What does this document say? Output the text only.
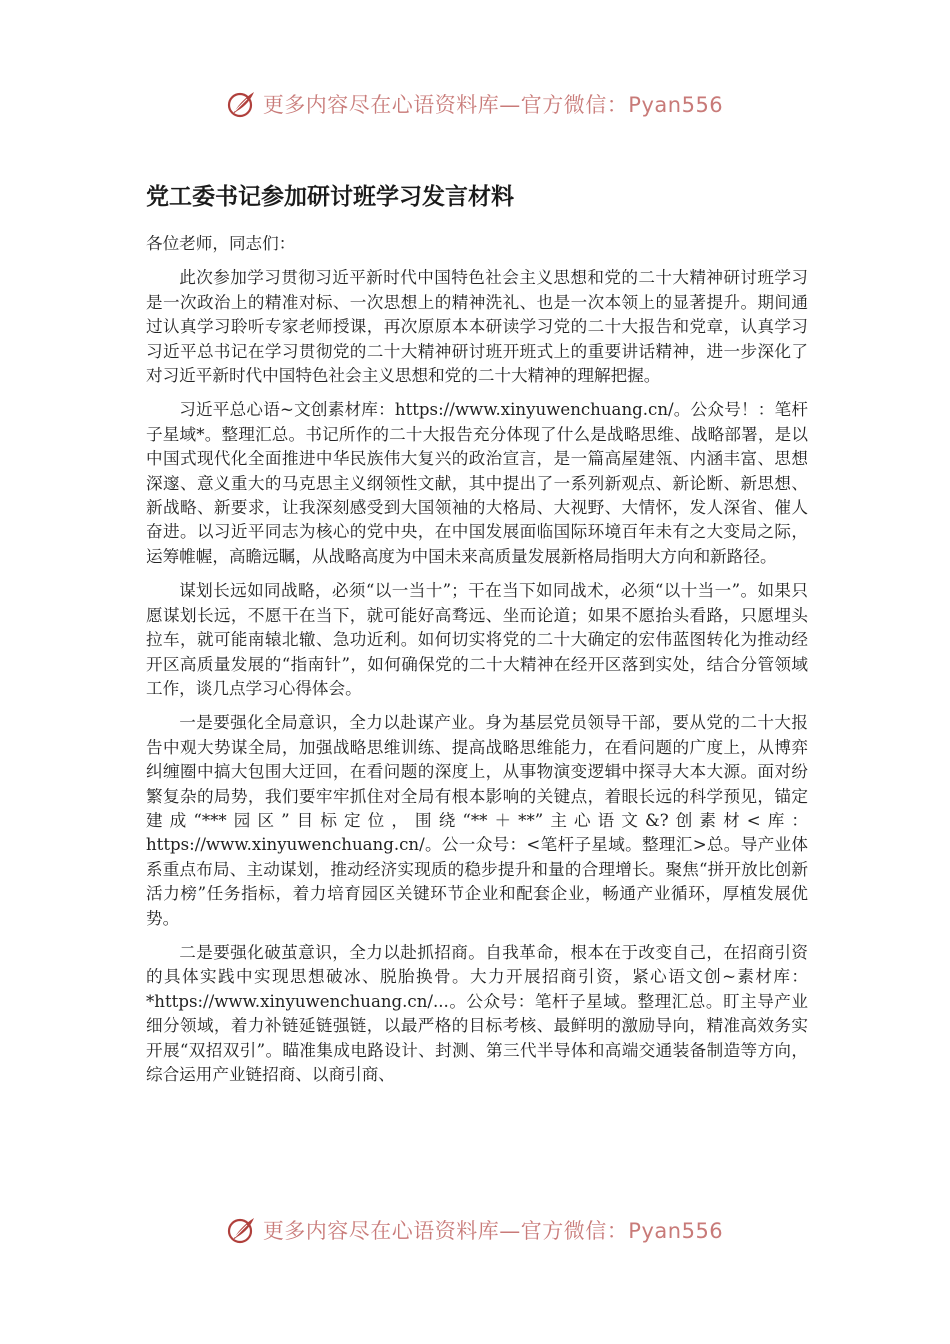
更多内容尽在心语资料库—官方微信：Pyan556
党工委书记参加研讨班学习发言材料

各位老师，同志们：

此次参加学习贯彻习近平新时代中国特色社会主义思想和党的二十大精神研讨班学习是一次政治上的精准对标、一次思想上的精神洗礼、也是一次本领上的显著提升。期间通过认真学习聆听专家老师授课，再次原原本本研读学习党的二十大报告和党章，认真学习习近平总书记在学习贯彻党的二十大精神研讨班开班式上的重要讲话精神，进一步深化了对习近平新时代中国特色社会主义思想和党的二十大精神的理解把握。

习近平总心语~文创素材库：https://www.xinyuwenchuang.cn/。公众号！：笔杆子星域*。整理汇总。书记所作的二十大报告充分体现了什么是战略思维、战略部署，是以中国式现代化全面推进中华民族伟大复兴的政治宣言，是一篇高屋建瓴、内涵丰富、思想深邃、意义重大的马克思主义纲领性文献，其中提出了一系列新观点、新论断、新思想、新战略、新要求，让我深刻感受到大国领袖的大格局、大视野、大情怀，发人深省、催人奋进。以习近平同志为核心的党中央，在中国发展面临国际环境百年未有之大变局之际，运筹帷幄，高瞻远瞩，从战略高度为中国未来高质量发展新格局指明大方向和新路径。

谋划长远如同战略，必须“以一当十”；干在当下如同战术，必须“以十当一”。如果只愿谋划长远，不愿干在当下，就可能好高骛远、坐而论道；如果不愿抬头看路，只愿埋头拉车，就可能南辕北辙、急功近利。如何切实将党的二十大确定的宏伟蓝图转化为推动经开区高质量发展的“指南针”，如何确保党的二十大精神在经开区落到实处，结合分管领域工作，谈几点学习心得体会。

一是要强化全局意识，全力以赴谋产业。身为基层党员领导干部，要从党的二十大报告中观大势谋全局，加强战略思维训练、提高战略思维能力，在看问题的广度上，从博弈纠缠圈中搞大包围大迂回，在看问题的深度上，从事物演变逻辑中探寻大本大源。面对纷繁复杂的局势，我们要牢牢抓住对全局有根本影响的关键点，着眼长远的科学预见，锚定建成“***园区”目标定位，围绕“**＋**”主心语文&?创素材<库：https://www.xinyuwenchuang.cn/。公一众号：<笔杆子星域。整理汇>总。导产业体系重点布局、主动谋划，推动经济实现质的稳步提升和量的合理增长。聚焦“拼开放比创新活力榜”任务指标，着力培育园区关键环节企业和配套企业，畅通产业循环，厚植发展优势。

二是要强化破茧意识，全力以赴抓招商。自我革命，根本在于改变自己，在招商引资的具体实践中实现思想破冰、脱胎换骨。大力开展招商引资，紧心语文创~素材库：*https://www.xinyuwenchuang.cn/...。公众号：笔杆子星域。整理汇总。盯主导产业细分领域，着力补链延链强链，以最严格的目标考核、最鲜明的激励导向，精准高效务实开展“双招双引”。瞄准集成电路设计、封测、第三代半导体和高端交通装备制造等方向，综合运用产业链招商、以商引商、

更多内容尽在心语资料库—官方微信：Pyan556
